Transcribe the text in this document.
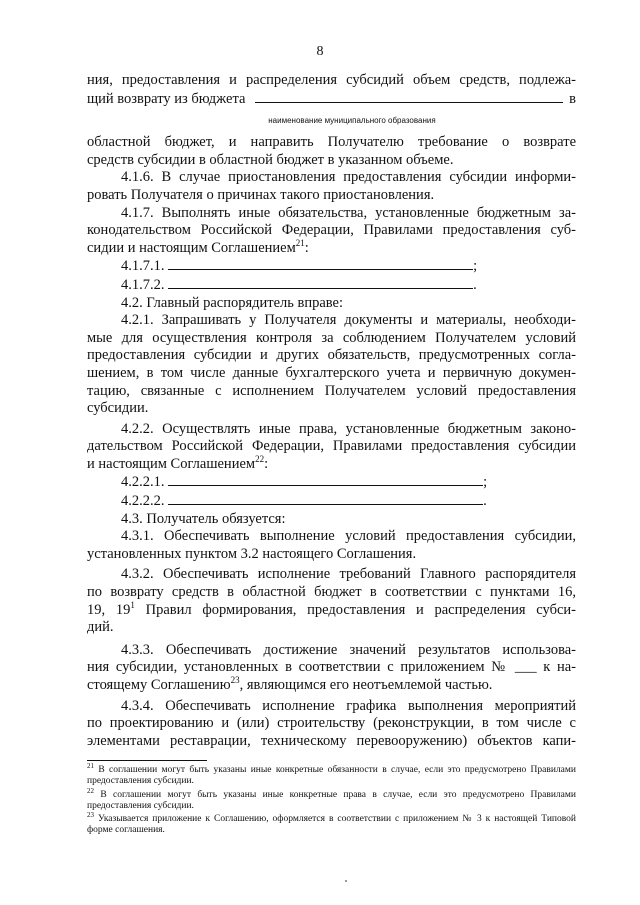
8

ния, предоставления и распределения субсидий объем средств, подлежа-

щий возврату из бюджета	в

наименование муниципального образования

областной бюджет, и направить Получателю требование о возврате

средств субсидии в областной бюджет в указанном объеме.

4.1.6. В случае приостановления предоставления субсидии информи-

ровать Получателя о причинах такого приостановления.

4.1.7. Выполнять иные обязательства, установленные бюджетным за-

конодательством Российской Федерации, Правилами предоставления суб-

сидии и настоящим Соглашением$^{21}$:

4.1.7.1.	;

4.1.7.2.	.

4.2. Главный распорядитель вправе:

4.2.1. Запрашивать у Получателя документы и материалы, необходи-

мые для осуществления контроля за соблюдением Получателем условий

предоставления субсидии и других обязательств, предусмотренных согла-

шением, в том числе данные бухгалтерского учета и первичную докумен-

тацию, связанные с исполнением Получателем условий предоставления

субсидии.

4.2.2. Осуществлять иные права, установленные бюджетным законо-

дательством Российской Федерации, Правилами предоставления субсидии

и настоящим Соглашением$^{22}$:

4.2.2.1.	;

4.2.2.2.	.

4.3. Получатель обязуется:

4.3.1. Обеспечивать выполнение условий предоставления субсидии,

установленных пунктом 3.2 настоящего Соглашения.

4.3.2. Обеспечивать исполнение требований Главного распорядителя

по возврату средств в областной бюджет в соответствии с пунктами 16,

19, $19^1$ Правил формирования, предоставления и распределения субси-

дий.

4.3.3. Обеспечивать достижение значений результатов использова-

ния субсидии, установленных в соответствии с приложением № ___ к на-

стоящему Соглашению$^{23}$, являющимся его неотъемлемой частью.

4.3.4. Обеспечивать исполнение графика выполнения мероприятий

по проектированию и (или) строительству (реконструкции, в том числе с

элементами реставрации, техническому перевооружению) объектов капи-

$^{21}$ В соглашении могут быть указаны иные конкретные обязанности в случае, если это предусмотрено Правилами предоставления субсидии.

$^{22}$ В соглашении могут быть указаны иные конкретные права в случае, если это предусмотрено Правилами предоставления субсидии.

$^{23}$ Указывается приложение к Соглашению, оформляется в соответствии с приложением № 3 к настоящей Типовой форме соглашения.
